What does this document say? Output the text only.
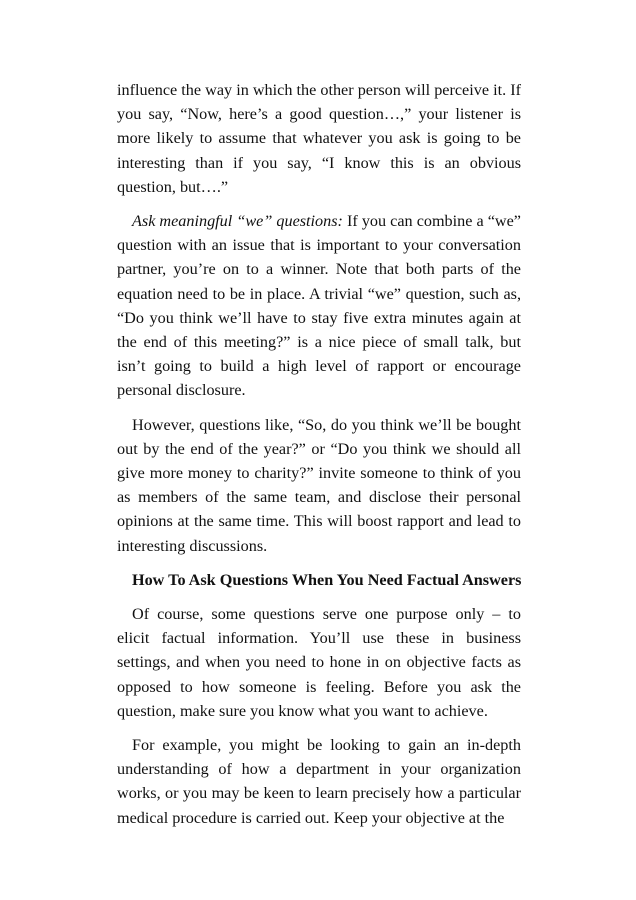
influence the way in which the other person will perceive it. If you say, “Now, here’s a good question…,” your listener is more likely to assume that whatever you ask is going to be interesting than if you say, “I know this is an obvious question, but….”

Ask meaningful “we” questions: If you can combine a “we” question with an issue that is important to your conversation partner, you’re on to a winner. Note that both parts of the equation need to be in place. A trivial “we” question, such as, “Do you think we’ll have to stay five extra minutes again at the end of this meeting?” is a nice piece of small talk, but isn’t going to build a high level of rapport or encourage personal disclosure.

However, questions like, “So, do you think we’ll be bought out by the end of the year?” or “Do you think we should all give more money to charity?” invite someone to think of you as members of the same team, and disclose their personal opinions at the same time. This will boost rapport and lead to interesting discussions.

How To Ask Questions When You Need Factual Answers

Of course, some questions serve one purpose only – to elicit factual information. You’ll use these in business settings, and when you need to hone in on objective facts as opposed to how someone is feeling. Before you ask the question, make sure you know what you want to achieve.

For example, you might be looking to gain an in-depth understanding of how a department in your organization works, or you may be keen to learn precisely how a particular medical procedure is carried out. Keep your objective at the
